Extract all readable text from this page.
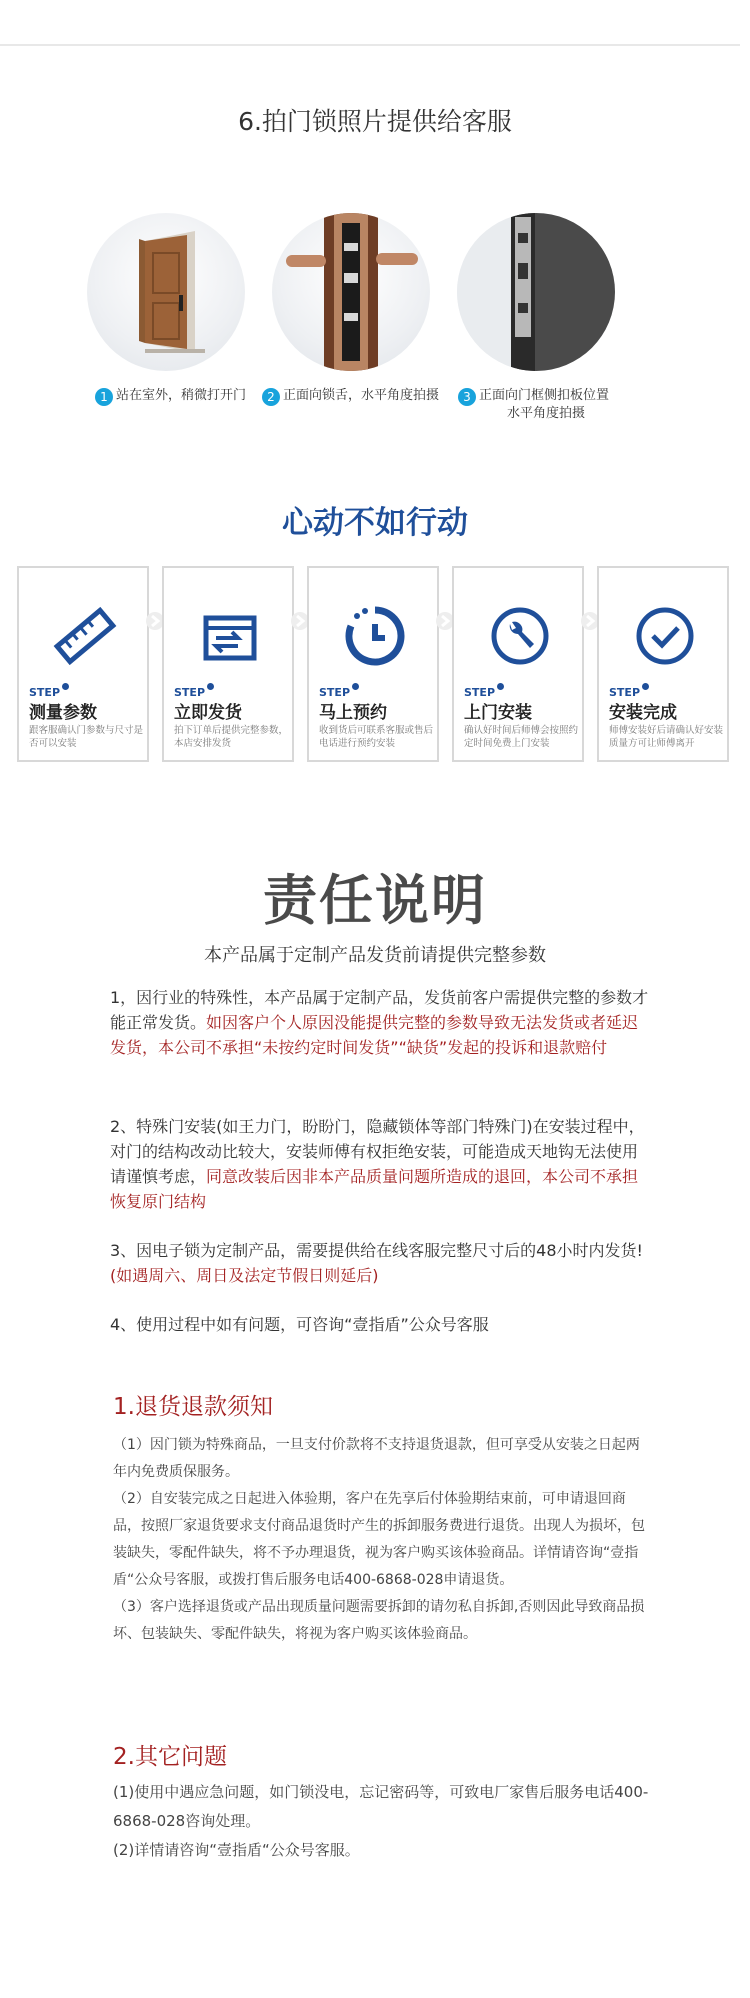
6.拍门锁照片提供给客服
1 站在室外，稍微打开门	2 正面向锁舌，水平角度拍摄	3 正面向门框侧扣板位置
水平角度拍摄
心动不如行动
STEP
测量参数
跟客服确认门参数与尺寸是否可以安装
STEP
立即发货
拍下订单后提供完整参数，本店安排发货
STEP
马上预约
收到货后可联系客服或售后电话进行预约安装
STEP
上门安装
确认好时间后师傅会按照约定时间免费上门安装
STEP
安装完成
师傅安装好后请确认好安装质量方可让师傅离开
责任说明
本产品属于定制产品发货前请提供完整参数
1，因行业的特殊性，本产品属于定制产品，发货前客户需提供完整的参数才能正常发货。如因客户个人原因没能提供完整的参数导致无法发货或者延迟发货，本公司不承担“未按约定时间发货”“缺货”发起的投诉和退款赔付
2、特殊门安装(如王力门，盼盼门，隐藏锁体等部门特殊门)在安装过程中，对门的结构改动比较大，安装师傅有权拒绝安装，可能造成天地钩无法使用请谨慎考虑，同意改装后因非本产品质量问题所造成的退回，本公司不承担恢复原门结构
3、因电子锁为定制产品，需要提供给在线客服完整尺寸后的48小时内发货!(如遇周六、周日及法定节假日则延后)
4、使用过程中如有问题，可咨询“壹指盾”公众号客服
1.退货退款须知
（1）因门锁为特殊商品，一旦支付价款将不支持退货退款，但可享受从安装之日起两年内免费质保服务。
（2）自安装完成之日起进入体验期，客户在先享后付体验期结束前，可申请退回商品，按照厂家退货要求支付商品退货时产生的拆卸服务费进行退货。出现人为损坏，包装缺失，零配件缺失，将不予办理退货，视为客户购买该体验商品。详情请咨询“壹指盾“公众号客服，或拨打售后服务电话400-6868-028申请退货。
（3）客户选择退货或产品出现质量问题需要拆卸的请勿私自拆卸,否则因此导致商品损坏、包装缺失、零配件缺失，将视为客户购买该体验商品。
2.其它问题
(1)使用中遇应急问题，如门锁没电，忘记密码等，可致电厂家售后服务电话400-6868-028咨询处理。
(2)详情请咨询“壹指盾“公众号客服。
